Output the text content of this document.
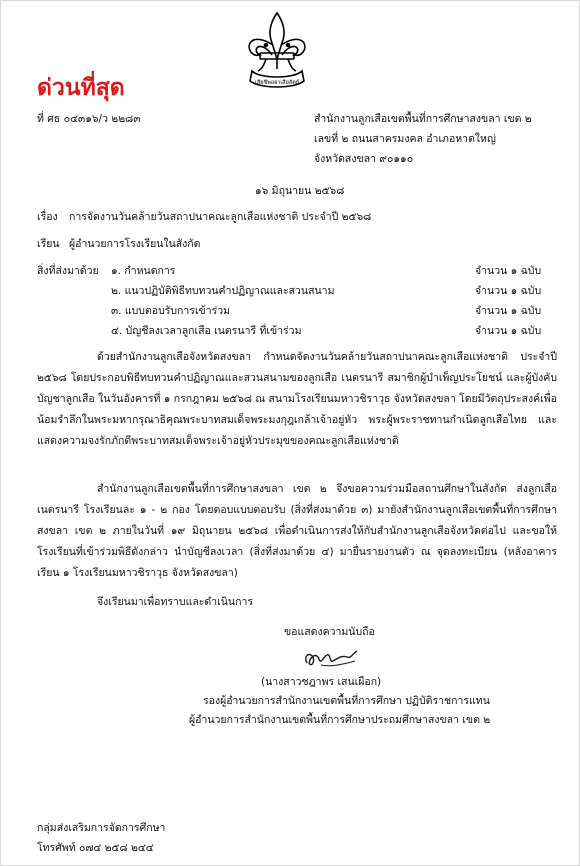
เสียชีพอย่าเสียสัตย์
ด่วนที่สุด
ที่ ศธ ๐๔๓๑๖/ว ๒๒๘๓	สำนักงานลูกเสือเขตพื้นที่การศึกษาสงขลา เขต ๒
เลขที่ ๒ ถนนสาครมงคล อำเภอหาดใหญ่
จังหวัดสงขลา ๙๐๑๑๐
๑๖ มิถุนายน ๒๕๖๘
เรื่อง การจัดงานวันคล้ายวันสถาปนาคณะลูกเสือแห่งชาติ ประจำปี ๒๕๖๘
เรียน ผู้อำนวยการโรงเรียนในสังกัด
สิ่งที่ส่งมาด้วย ๑. กำหนดการ	จำนวน ๑ ฉบับ
๒. แนวปฏิบัติพิธีทบทวนคำปฏิญาณและสวนสนาม	จำนวน ๑ ฉบับ
๓. แบบตอบรับการเข้าร่วม	จำนวน ๑ ฉบับ
๔. บัญชีลงเวลาลูกเสือ เนตรนารี ที่เข้าร่วม	จำนวน ๑ ฉบับ
ด้วยสำนักงานลูกเสือจังหวัดสงขลา กำหนดจัดงานวันคล้ายวันสถาปนาคณะลูกเสือแห่งชาติ ประจำปี ๒๕๖๘ โดยประกอบพิธีทบทวนคำปฏิญาณและสวนสนามของลูกเสือ เนตรนารี สมาชิกผู้บำเพ็ญประโยชน์ และผู้บังคับบัญชาลูกเสือ ในวันอังคารที่ ๑ กรกฎาคม ๒๕๖๘ ณ สนามโรงเรียนมหาวชิราวุธ จังหวัดสงขลา โดยมีวัตถุประสงค์เพื่อน้อมรำลึกในพระมหากรุณาธิคุณพระบาทสมเด็จพระมงกุฎเกล้าเจ้าอยู่หัว พระผู้พระราชทานกำเนิดลูกเสือไทย และแสดงความจงรักภักดีพระบาทสมเด็จพระเจ้าอยู่หัวประมุขของคณะลูกเสือแห่งชาติ
สำนักงานลูกเสือเขตพื้นที่การศึกษาสงขลา เขต ๒ จึงขอความร่วมมือสถานศึกษาในสังกัด ส่งลูกเสือ เนตรนารี โรงเรียนละ ๑ - ๒ กอง โดยตอบแบบตอบรับ (สิ่งที่ส่งมาด้วย ๓) มายังสำนักงานลูกเสือเขตพื้นที่การศึกษาสงขลา เขต ๒ ภายในวันที่ ๑๙ มิถุนายน ๒๕๖๘ เพื่อดำเนินการส่งให้กับสำนักงานลูกเสือจังหวัดต่อไป และขอให้โรงเรียนที่เข้าร่วมพิธีดังกล่าว นำบัญชีลงเวลา (สิ่งที่ส่งมาด้วย ๔) มายื่นรายงานตัว ณ จุดลงทะเบียน (หลังอาคารเรียน ๑ โรงเรียนมหาวชิราวุธ จังหวัดสงขลา)
จึงเรียนมาเพื่อทราบและดำเนินการ
ขอแสดงความนับถือ
(นางสาวชฎาพร เสนเผือก)
รองผู้อำนวยการสำนักงานเขตพื้นที่การศึกษา ปฏิบัติราชการแทน
ผู้อำนวยการสำนักงานเขตพื้นที่การศึกษาประถมศึกษาสงขลา เขต ๒
กลุ่มส่งเสริมการจัดการศึกษา
โทรศัพท์ ๐๗๔ ๒๕๘ ๒๔๔
